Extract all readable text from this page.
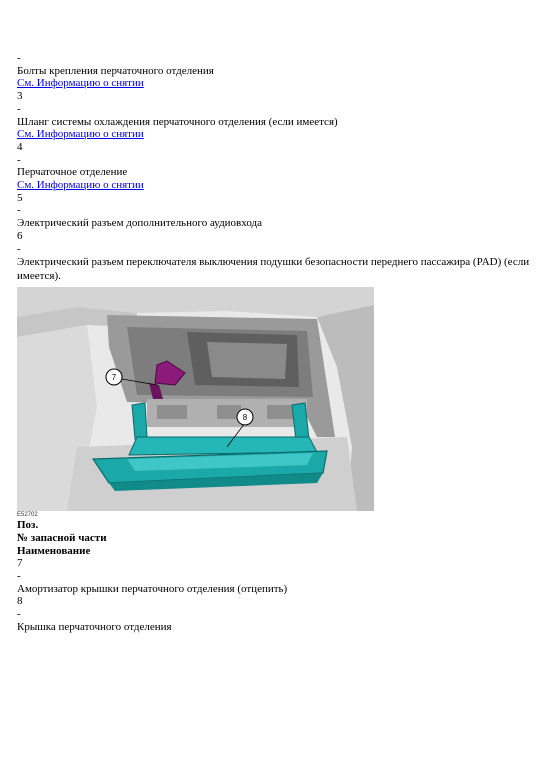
-
Болты крепления перчаточного отделения
См. Информацию о снятии
3
-
Шланг системы охлаждения перчаточного отделения (если имеется)
См. Информацию о снятии
4
-
Перчаточное отделение
См. Информацию о снятии
5
-
Электрический разъем дополнительного аудиовхода
6
-
Электрический разъем переключателя выключения подушки безопасности переднего пассажира (PAD) (если имеется).
7
8
E52702
Поз.
№ запасной части
Наименование
7
-
Амортизатор крышки перчаточного отделения (отцепить)
8
-
Крышка перчаточного отделения
